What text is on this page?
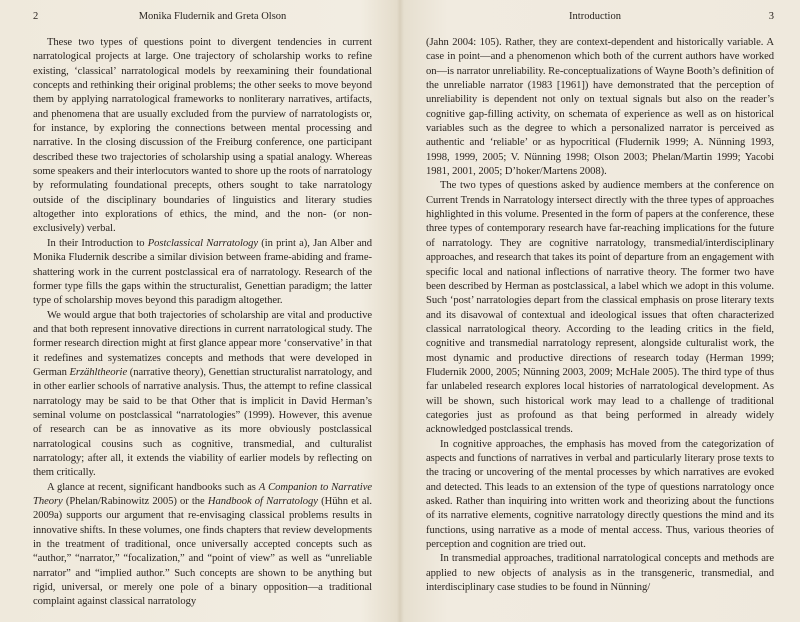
2	Monika Fludernik and Greta Olson

These two types of questions point to divergent tendencies in current narratological projects at large. One trajectory of scholarship works to refine existing, ‘classical’ narratological models by reexamining their foundational concepts and rethinking their original problems; the other seeks to move beyond them by applying narratological frameworks to nonliterary narratives, artifacts, and phenomena that are usually excluded from the purview of narratologists or, for instance, by exploring the connections between mental processing and narrative. In the closing discussion of the Freiburg conference, one participant described these two trajectories of scholarship using a spatial analogy. Whereas some speakers and their interlocutors wanted to shore up the roots of narratology by reformulating foundational precepts, others sought to take narratology outside of the disciplinary boundaries of linguistics and literary studies altogether into explorations of ethics, the mind, and the non- (or non-exclusively) verbal.

In their Introduction to Postclassical Narratology (in print a), Jan Alber and Monika Fludernik describe a similar division between frame-abiding and frame-shattering work in the current postclassical era of narratology. Research of the former type fills the gaps within the structuralist, Genettian paradigm; the latter type of scholarship moves beyond this paradigm altogether.

We would argue that both trajectories of scholarship are vital and productive and that both represent innovative directions in current narratological study. The former research direction might at first glance appear more ‘conservative’ in that it redefines and systematizes concepts and methods that were developed in German Erzähltheorie (narrative theory), Genettian structuralist narratology, and in other earlier schools of narrative analysis. Thus, the attempt to refine classical narratology may be said to be that Other that is implicit in David Herman’s seminal volume on postclassical “narratologies” (1999). However, this avenue of research can be as innovative as its more obviously postclassical narratological cousins such as cognitive, transmedial, and culturalist narratology; after all, it extends the viability of earlier models by reflecting on them critically.

A glance at recent, significant handbooks such as A Companion to Narrative Theory (Phelan/Rabinowitz 2005) or the Handbook of Narratology (Hühn et al. 2009a) supports our argument that re-envisaging classical problems results in innovative shifts. In these volumes, one finds chapters that review developments in the treatment of traditional, once universally accepted concepts such as “author,” “narrator,” “focalization,” and “point of view” as well as “unreliable narrator” and “implied author.” Such concepts are shown to be anything but rigid, universal, or merely one pole of a binary opposition—a traditional complaint against classical narratology

Introduction	3

(Jahn 2004: 105). Rather, they are context-dependent and historically variable. A case in point—and a phenomenon which both of the current authors have worked on—is narrator unreliability. Re-conceptualizations of Wayne Booth’s definition of the unreliable narrator (1983 [1961]) have demonstrated that the perception of unreliability is dependent not only on textual signals but also on the reader’s cognitive gap-filling activity, on schemata of experience as well as on historical variables such as the degree to which a personalized narrator is perceived as authentic and ‘reliable’ or as hypocritical (Fludernik 1999; A. Nünning 1993, 1998, 1999, 2005; V. Nünning 1998; Olson 2003; Phelan/Martin 1999; Yacobi 1981, 2001, 2005; D’hoker/Martens 2008).

The two types of questions asked by audience members at the conference on Current Trends in Narratology intersect directly with the three types of approaches highlighted in this volume. Presented in the form of papers at the conference, these three types of contemporary research have far-reaching implications for the future of narratology. They are cognitive narratology, transmedial/interdisciplinary approaches, and research that takes its point of departure from an engagement with specific local and national inflections of narrative theory. The former two have been described by Herman as postclassical, a label which we adopt in this volume. Such ‘post’ narratologies depart from the classical emphasis on prose literary texts and its disavowal of contextual and ideological issues that often characterized classical narratological theory. According to the leading critics in the field, cognitive and transmedial narratology represent, alongside culturalist work, the most dynamic and productive directions of research today (Herman 1999; Fludernik 2000, 2005; Nünning 2003, 2009; McHale 2005). The third type of thus far unlabeled research explores local histories of narratological development. As will be shown, such historical work may lead to a challenge of traditional categories just as profound as that being performed in already widely acknowledged postclassical trends.

In cognitive approaches, the emphasis has moved from the categorization of aspects and functions of narratives in verbal and particularly literary prose texts to the tracing or uncovering of the mental processes by which narratives are evoked and detected. This leads to an extension of the type of questions narratology once asked. Rather than inquiring into written work and theorizing about the functions of its narrative elements, cognitive narratology directly questions the mind and its functions, using narrative as a mode of mental access. Thus, various theories of perception and cognition are tried out.

In transmedial approaches, traditional narratological concepts and methods are applied to new objects of analysis as in the transgeneric, transmedial, and interdisciplinary case studies to be found in Nünning/
